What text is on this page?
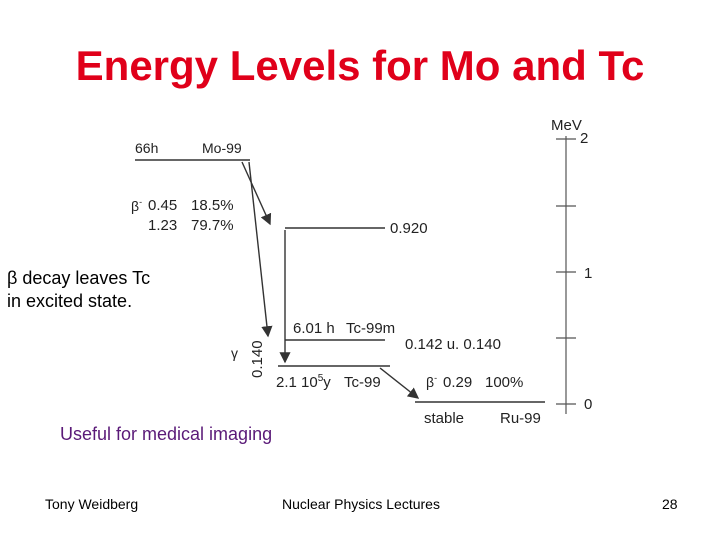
Energy Levels for Mo and Tc
MeV
2
1
0
66h	Mo-99
β- 0.45 18.5%
1.23 79.7%	0.920
6.01 h Tc-99m
0.142 u. 0.140
γ 0.140
2.1 $10^5y$ Tc-99	β- 0.29 100%
stable Ru-99
β decay leaves Tc
in excited state.
Useful for medical imaging
Tony Weidberg	Nuclear Physics Lectures	28
